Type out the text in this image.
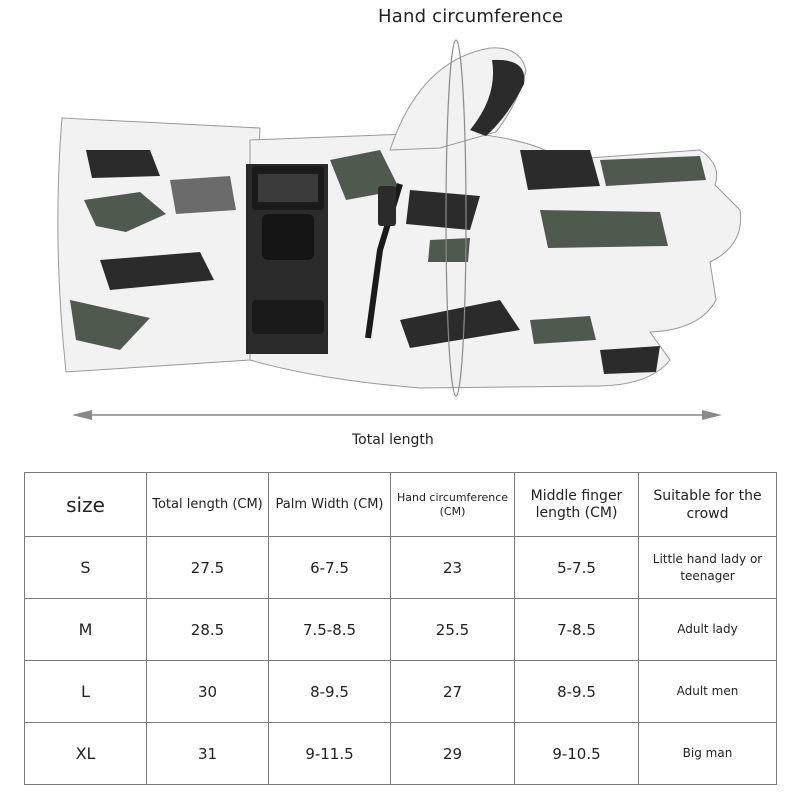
Hand circumference
Total length
size	Total length (CM)	Palm Width (CM)	Hand circumference (CM)	Middle finger length (CM)	Suitable for the crowd
S	27.5	6-7.5	23	5-7.5	Little hand lady or teenager
M	28.5	7.5-8.5	25.5	7-8.5	Adult lady
L	30	8-9.5	27	8-9.5	Adult men
XL	31	9-11.5	29	9-10.5	Big man
